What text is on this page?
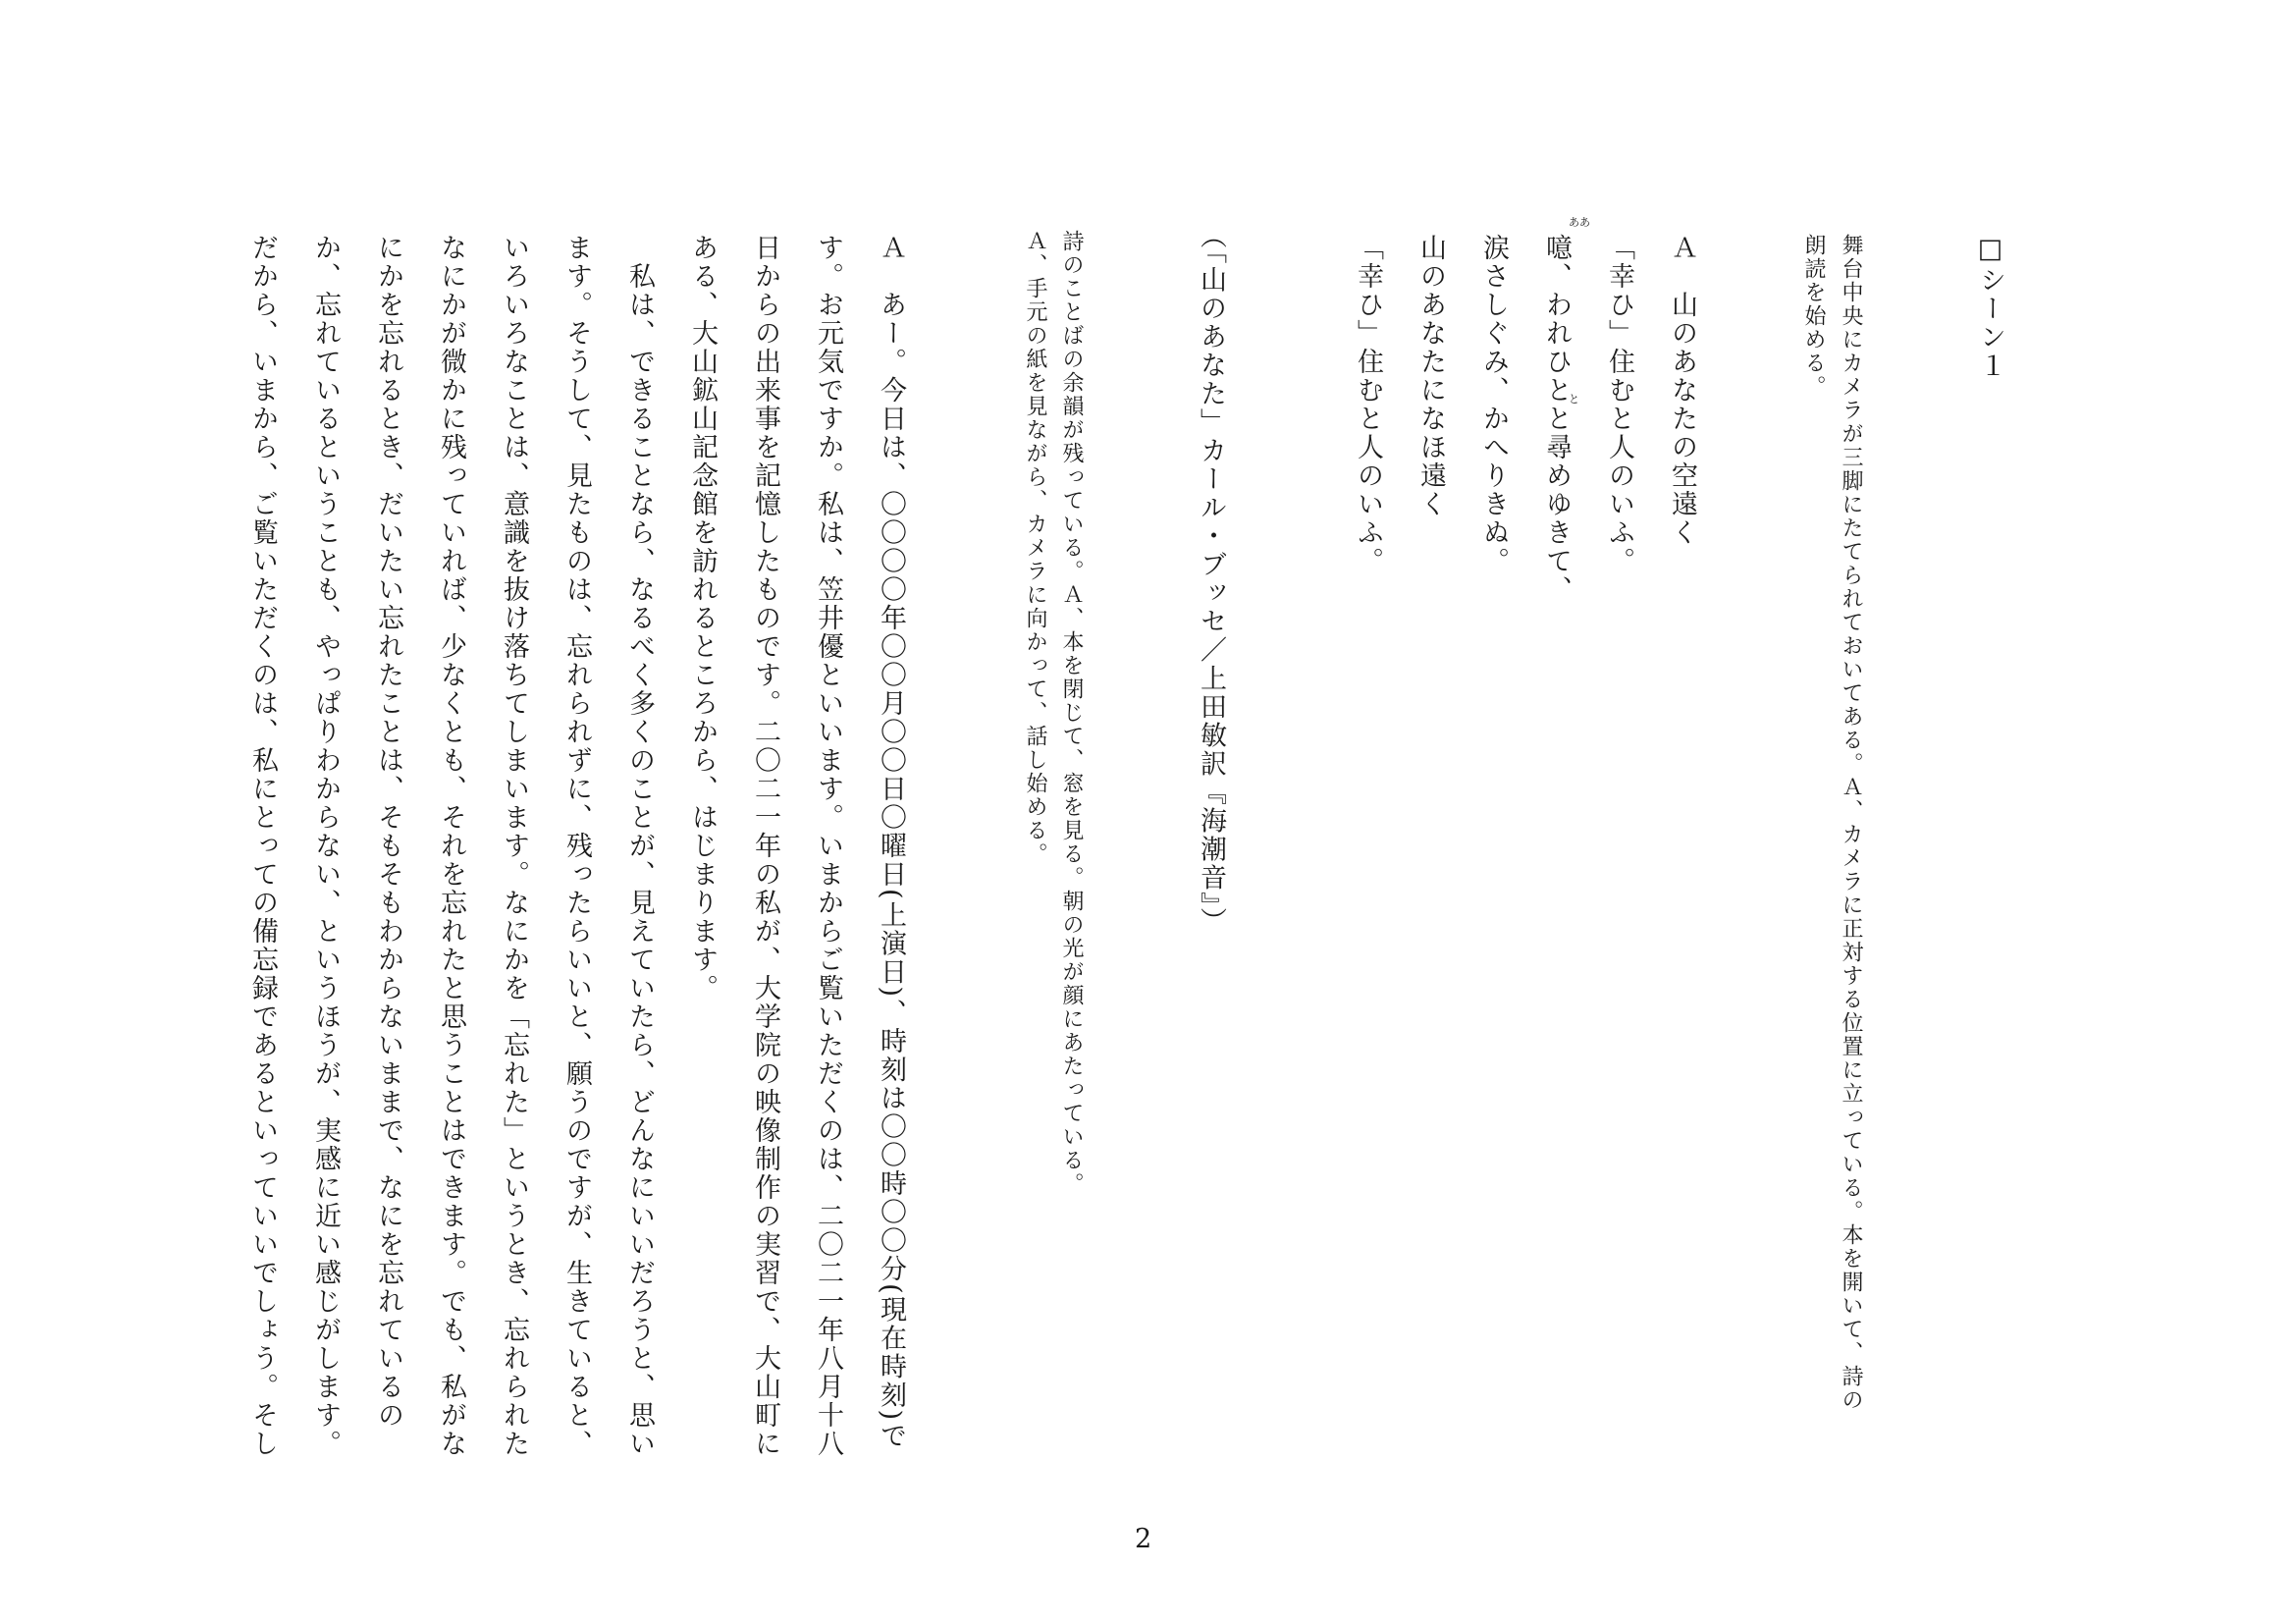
□シーン１
舞台中央にカメラが三脚にたてられておいてある。Ａ、カメラに正対する位置に立っている。本を開いて、詩の
朗読を始める。
Ａ　山のあなたの空遠く
「幸ひ」住むと人のいふ。
噫、われひとと尋めゆきて、
ああ
と
涙さしぐみ、かへりきぬ。
山のあなたになほ遠く
「幸ひ」住むと人のいふ。
（「山のあなた」カール・ブッセ／上田敏訳『海潮音』）
詩のことばの余韻が残っている。Ａ、本を閉じて、窓を見る。朝の光が顔にあたっている。
Ａ、手元の紙を見ながら、カメラに向かって、話し始める。
Ａ　あー。今日は、〇〇〇〇年〇〇月〇〇日〇曜日(上演日)、時刻は〇〇時〇〇分(現在時刻)で
す。お元気ですか。私は、笠井優といいます。いまからご覧いただくのは、二〇二一年八月十八
日からの出来事を記憶したものです。二〇二一年の私が、大学院の映像制作の実習で、大山町に
ある、大山鉱山記念館を訪れるところから、はじまります。
　私は、できることなら、なるべく多くのことが、見えていたら、どんなにいいだろうと、思い
ます。そうして、見たものは、忘れられずに、残ったらいいと、願うのですが、生きていると、
いろいろなことは、意識を抜け落ちてしまいます。なにかを「忘れた」というとき、忘れられた
なにかが微かに残っていれば、少なくとも、それを忘れたと思うことはできます。でも、私がな
にかを忘れるとき、だいたい忘れたことは、そもそもわからないままで、なにを忘れているの
か、忘れているということも、やっぱりわからない、というほうが、実感に近い感じがします。
だから、いまから、ご覧いただくのは、私にとっての備忘録であるといっていいでしょう。そし
2
